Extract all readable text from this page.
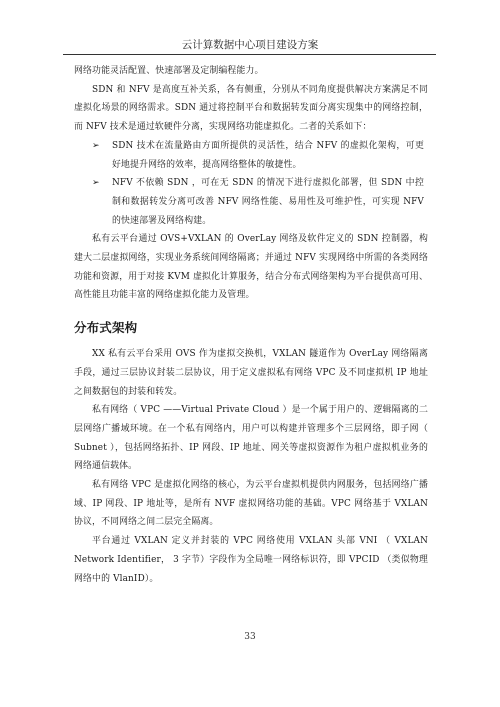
云计算数据中心项目建设方案

网络功能灵活配置、快速部署及定制编程能力。

SDN 和 NFV 是高度互补关系，各有侧重，分别从不同角度提供解决方案满足不同虚拟化场景的网络需求。SDN 通过将控制平台和数据转发面分离实现集中的网络控制，而 NFV 技术是通过软硬件分离，实现网络功能虚拟化。二者的关系如下：

➢	SDN 技术在流量路由方面所提供的灵活性，结合 NFV 的虚拟化架构，可更好地提升网络的效率，提高网络整体的敏捷性。
➢	NFV 不依赖 SDN ，可在无 SDN 的情况下进行虚拟化部署，但 SDN 中控制和数据转发分离可改善 NFV 网络性能、易用性及可维护性，可实现 NFV 的快速部署及网络构建。

私有云平台通过 OVS+VXLAN 的 OverLay 网络及软件定义的 SDN 控制器，构建大二层虚拟网络，实现业务系统间网络隔离；并通过 NFV 实现网络中所需的各类网络功能和资源，用于对接 KVM 虚拟化计算服务，结合分布式网络架构为平台提供高可用、高性能且功能丰富的网络虚拟化能力及管理。

分布式架构

XX 私有云平台采用 OVS 作为虚拟交换机，VXLAN 隧道作为 OverLay 网络隔离手段，通过三层协议封装二层协议，用于定义虚拟私有网络 VPC 及不同虚拟机 IP 地址之间数据包的封装和转发。

私有网络（ VPC ——Virtual Private Cloud ）是一个属于用户的、逻辑隔离的二层网络广播域环境。在一个私有网络内，用户可以构建并管理多个三层网络，即子网（ Subnet ），包括网络拓扑、IP 网段、IP 地址、网关等虚拟资源作为租户虚拟机业务的网络通信载体。

私有网络 VPC 是虚拟化网络的核心，为云平台虚拟机提供内网服务，包括网络广播域、IP 网段、IP 地址等，是所有 NVF 虚拟网络功能的基础。VPC 网络基于 VXLAN 协议，不同网络之间二层完全隔离。

平台通过 VXLAN 定义并封装的 VPC 网络使用 VXLAN 头部 VNI （ VXLAN Network Identifier， 3 字节）字段作为全局唯一网络标识符，即 VPCID （类似物理网络中的 VlanID）。

33
